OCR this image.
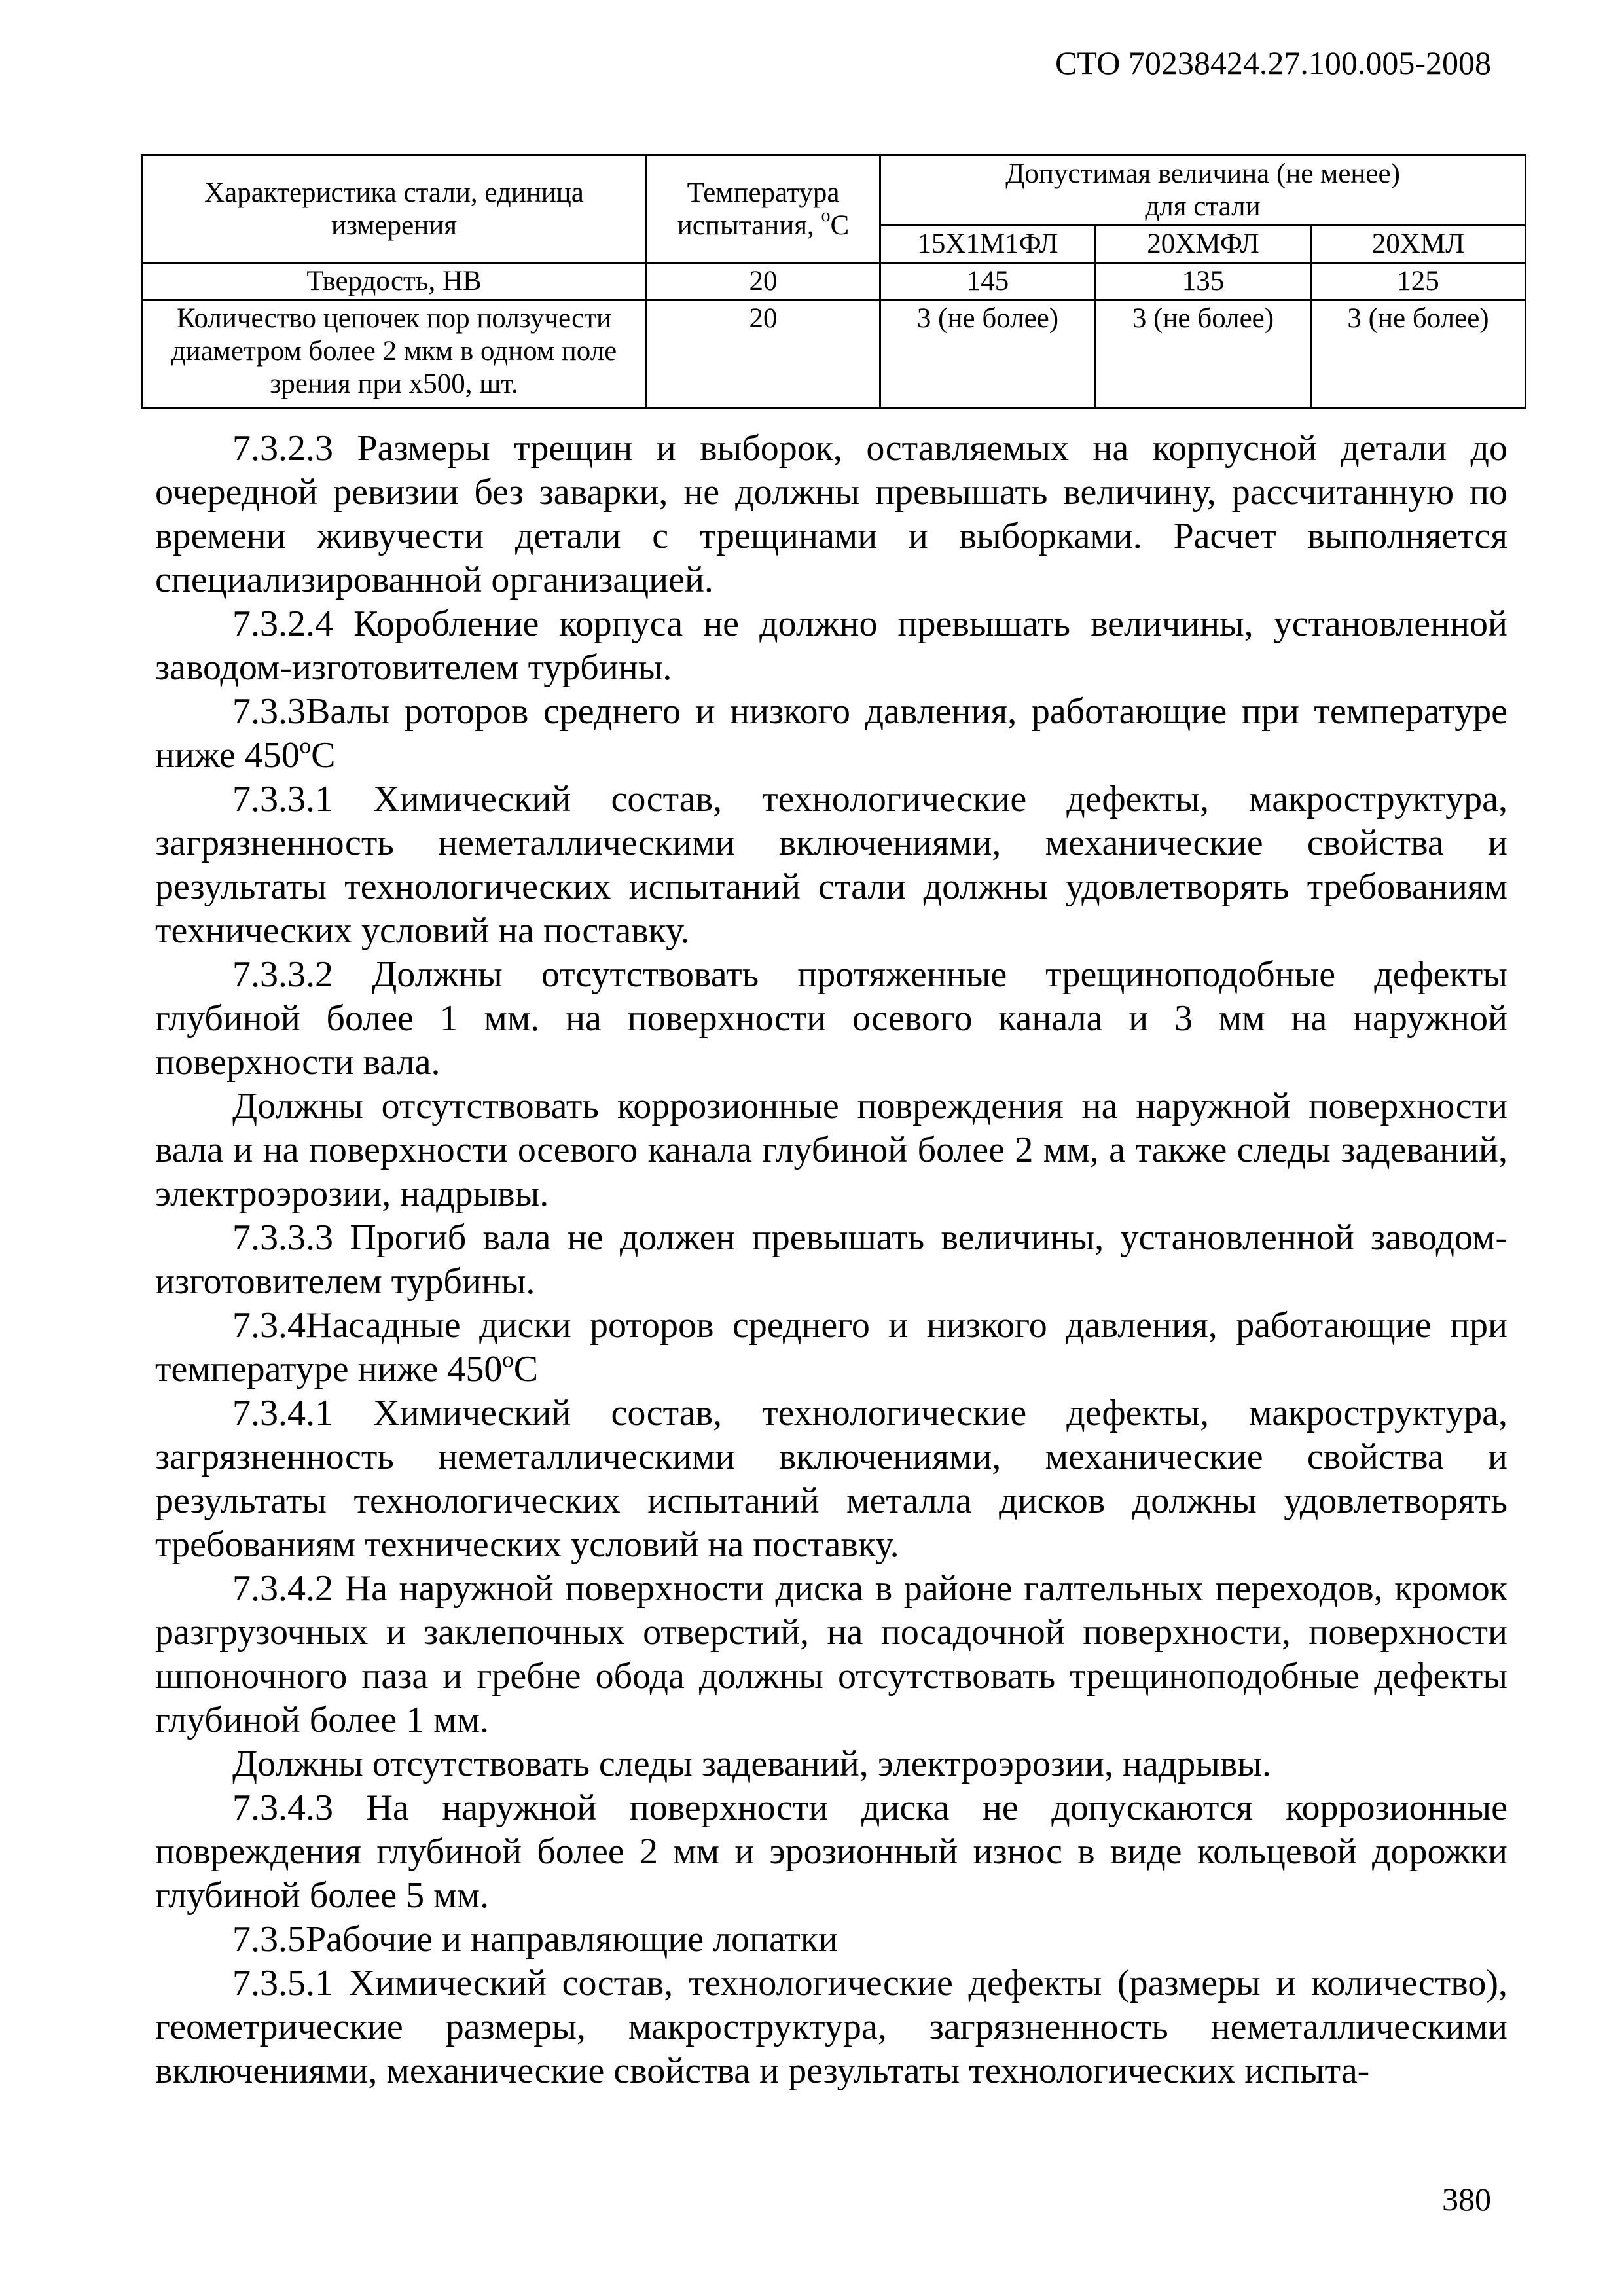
СТО 70238424.27.100.005-2008
Характеристика стали, единица измерения	Температура испытания, $^o$С	Допустимая величина (не менее)
для стали		
		15Х1М1ФЛ	20ХМФЛ	20ХМЛ
Твердость, НВ	20	145	135	125
Количество цепочек пор ползучести диаметром более 2 мкм в одном поле зрения при х500, шт.	20	3 (не более)	3 (не более)	3 (не более)

7.3.2.3 Размеры трещин и выборок, оставляемых на корпусной детали до очередной ревизии без заварки, не должны превышать величину, рассчитанную по времени живучести детали с трещинами и выборками. Расчет выполняется специализированной организацией.

7.3.2.4 Коробление корпуса не должно превышать величины, установленной заводом-изготовителем турбины.

7.3.3Валы роторов среднего и низкого давления, работающие при температуре ниже 450ºС

7.3.3.1 Химический состав, технологические дефекты, макроструктура, загрязненность неметаллическими включениями, механические свойства и результаты технологических испытаний стали должны удовлетворять требованиям технических условий на поставку.

7.3.3.2 Должны отсутствовать протяженные трещиноподобные дефекты глубиной более 1 мм. на поверхности осевого канала и 3 мм на наружной поверхности вала.

Должны отсутствовать коррозионные повреждения на наружной поверхности вала и на поверхности осевого канала глубиной более 2 мм, а также следы задеваний, электроэрозии, надрывы.

7.3.3.3 Прогиб вала не должен превышать величины, установленной заводом-изготовителем турбины.

7.3.4Насадные диски роторов среднего и низкого давления, работающие при температуре ниже 450ºС

7.3.4.1 Химический состав, технологические дефекты, макроструктура, загрязненность неметаллическими включениями, механические свойства и результаты технологических испытаний металла дисков должны удовлетворять требованиям технических условий на поставку.

7.3.4.2 На наружной поверхности диска в районе галтельных переходов, кромок разгрузочных и заклепочных отверстий, на посадочной поверхности, поверхности шпоночного паза и гребне обода должны отсутствовать трещиноподобные дефекты глубиной более 1 мм.

Должны отсутствовать следы задеваний, электроэрозии, надрывы.

7.3.4.3 На наружной поверхности диска не допускаются коррозионные повреждения глубиной более 2 мм и эрозионный износ в виде кольцевой дорожки глубиной более 5 мм.

7.3.5Рабочие и направляющие лопатки

7.3.5.1 Химический состав, технологические дефекты (размеры и количество), геометрические размеры, макроструктура, загрязненность неметаллическими включениями, механические свойства и результаты технологических испыта-

380
